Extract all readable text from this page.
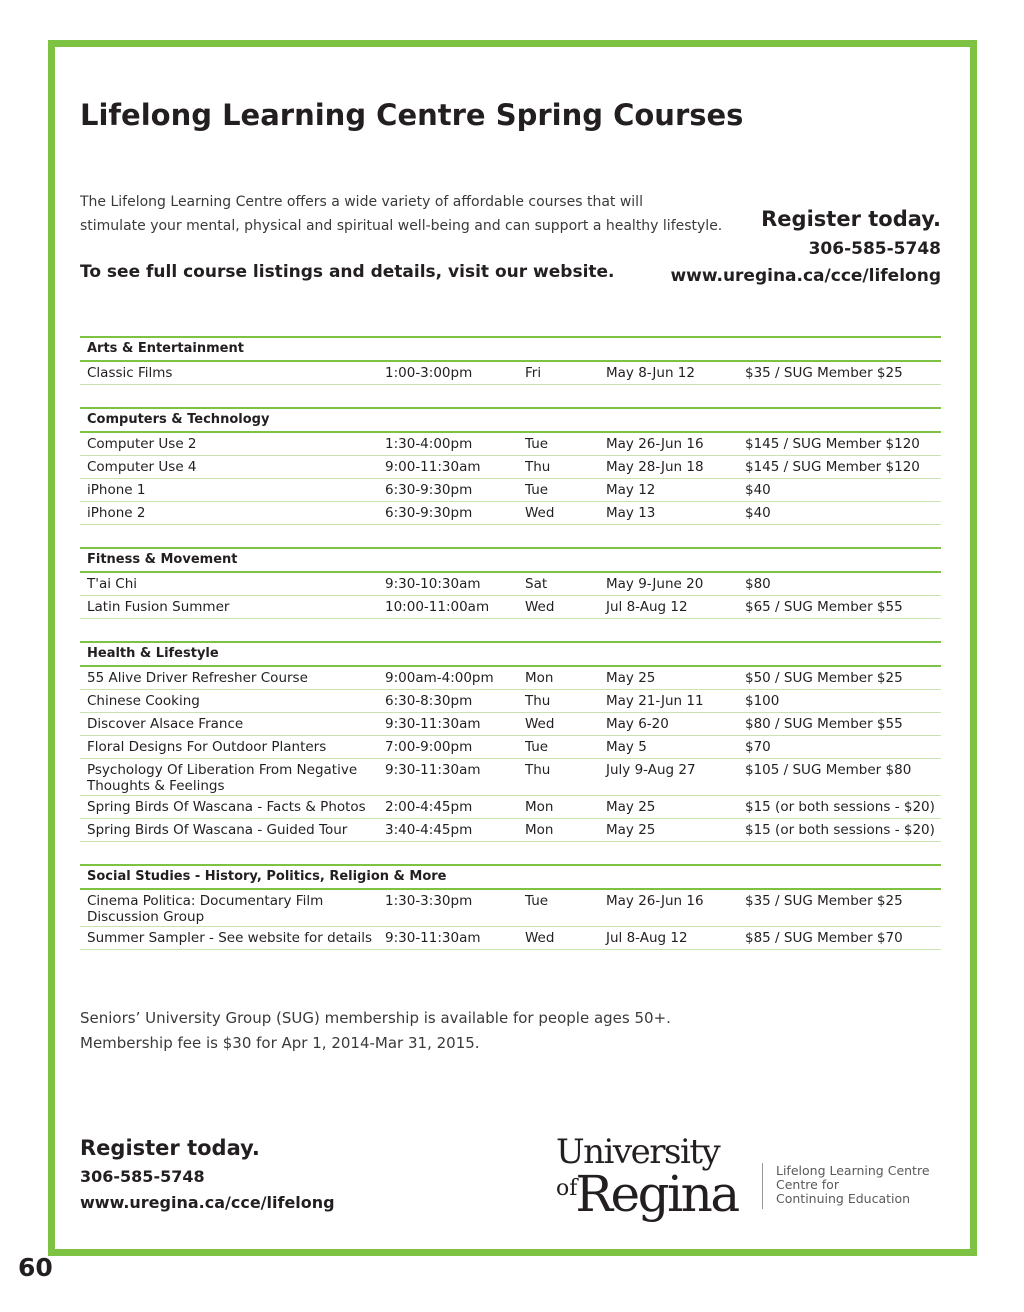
Lifelong Learning Centre Spring Courses
The Lifelong Learning Centre offers a wide variety of affordable courses that will
stimulate your mental, physical and spiritual well-being and can support a healthy lifestyle.
To see full course listings and details, visit our website.
Register today.
306-585-5748
www.uregina.ca/cce/lifelong
Arts & Entertainment
Classic Films	1:00-3:00pm	Fri	May 8-Jun 12	$35 / SUG Member $25
Computers & Technology
Computer Use 2	1:30-4:00pm	Tue	May 26-Jun 16	$145 / SUG Member $120
Computer Use 4	9:00-11:30am	Thu	May 28-Jun 18	$145 / SUG Member $120
iPhone 1	6:30-9:30pm	Tue	May 12	$40
iPhone 2	6:30-9:30pm	Wed	May 13	$40
Fitness & Movement
T'ai Chi	9:30-10:30am	Sat	May 9-June 20	$80
Latin Fusion Summer	10:00-11:00am	Wed	Jul 8-Aug 12	$65 / SUG Member $55
Health & Lifestyle
55 Alive Driver Refresher Course	9:00am-4:00pm	Mon	May 25	$50 / SUG Member $25
Chinese Cooking	6:30-8:30pm	Thu	May 21-Jun 11	$100
Discover Alsace France	9:30-11:30am	Wed	May 6-20	$80 / SUG Member $55
Floral Designs For Outdoor Planters	7:00-9:00pm	Tue	May 5	$70
Psychology Of Liberation From Negative Thoughts & Feelings
9:30-11:30am	Thu	July 9-Aug 27	$105 / SUG Member $80
Spring Birds Of Wascana - Facts & Photos	2:00-4:45pm	Mon	May 25	$15 (or both sessions - $20)
Spring Birds Of Wascana - Guided Tour	3:40-4:45pm	Mon	May 25	$15 (or both sessions - $20)
Social Studies - History, Politics, Religion & More
Cinema Politica: Documentary Film Discussion Group
1:30-3:30pm	Tue	May 26-Jun 16	$35 / SUG Member $25
Summer Sampler - See website for details 9:30-11:30am	Wed	Jul 8-Aug 12	$85 / SUG Member $70
Seniors’ University Group (SUG) membership is available for people ages 50+.
Membership fee is $30 for Apr 1, 2014-Mar 31, 2015.
Register today.
306-585-5748
www.uregina.ca/cce/lifelong
University
ofRegina	Lifelong Learning Centre
Centre for
Continuing Education
60
